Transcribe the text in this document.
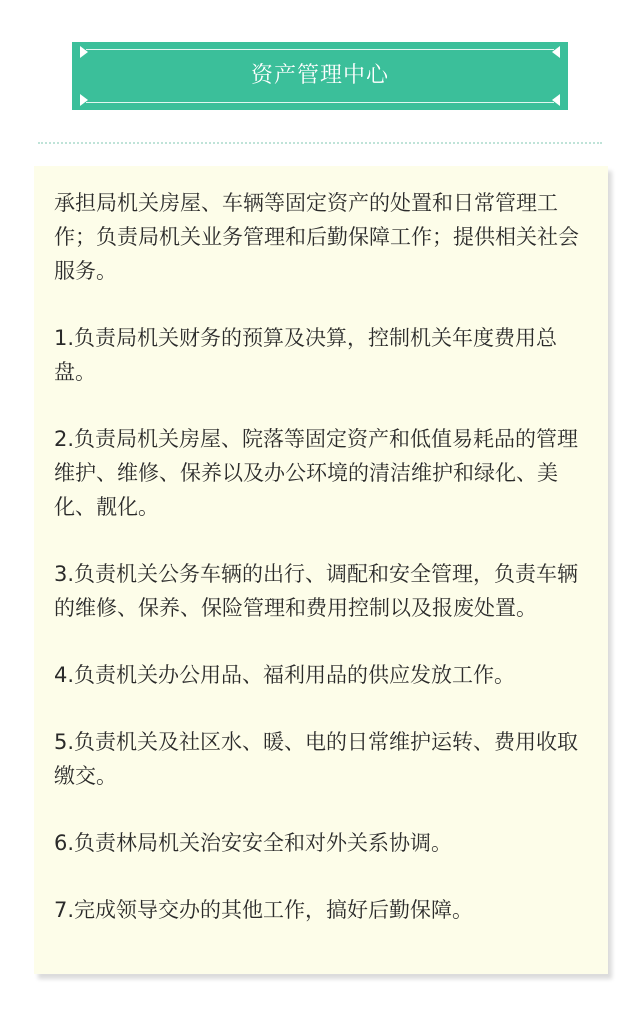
资产管理中心

承担局机关房屋、车辆等固定资产的处置和日常管理工作；负责局机关业务管理和后勤保障工作；提供相关社会服务。

1.负责局机关财务的预算及决算，控制机关年度费用总盘。

2.负责局机关房屋、院落等固定资产和低值易耗品的管理维护、维修、保养以及办公环境的清洁维护和绿化、美化、靓化。

3.负责机关公务车辆的出行、调配和安全管理，负责车辆的维修、保养、保险管理和费用控制以及报废处置。

4.负责机关办公用品、福利用品的供应发放工作。

5.负责机关及社区水、暖、电的日常维护运转、费用收取缴交。

6.负责林局机关治安安全和对外关系协调。

7.完成领导交办的其他工作，搞好后勤保障。
